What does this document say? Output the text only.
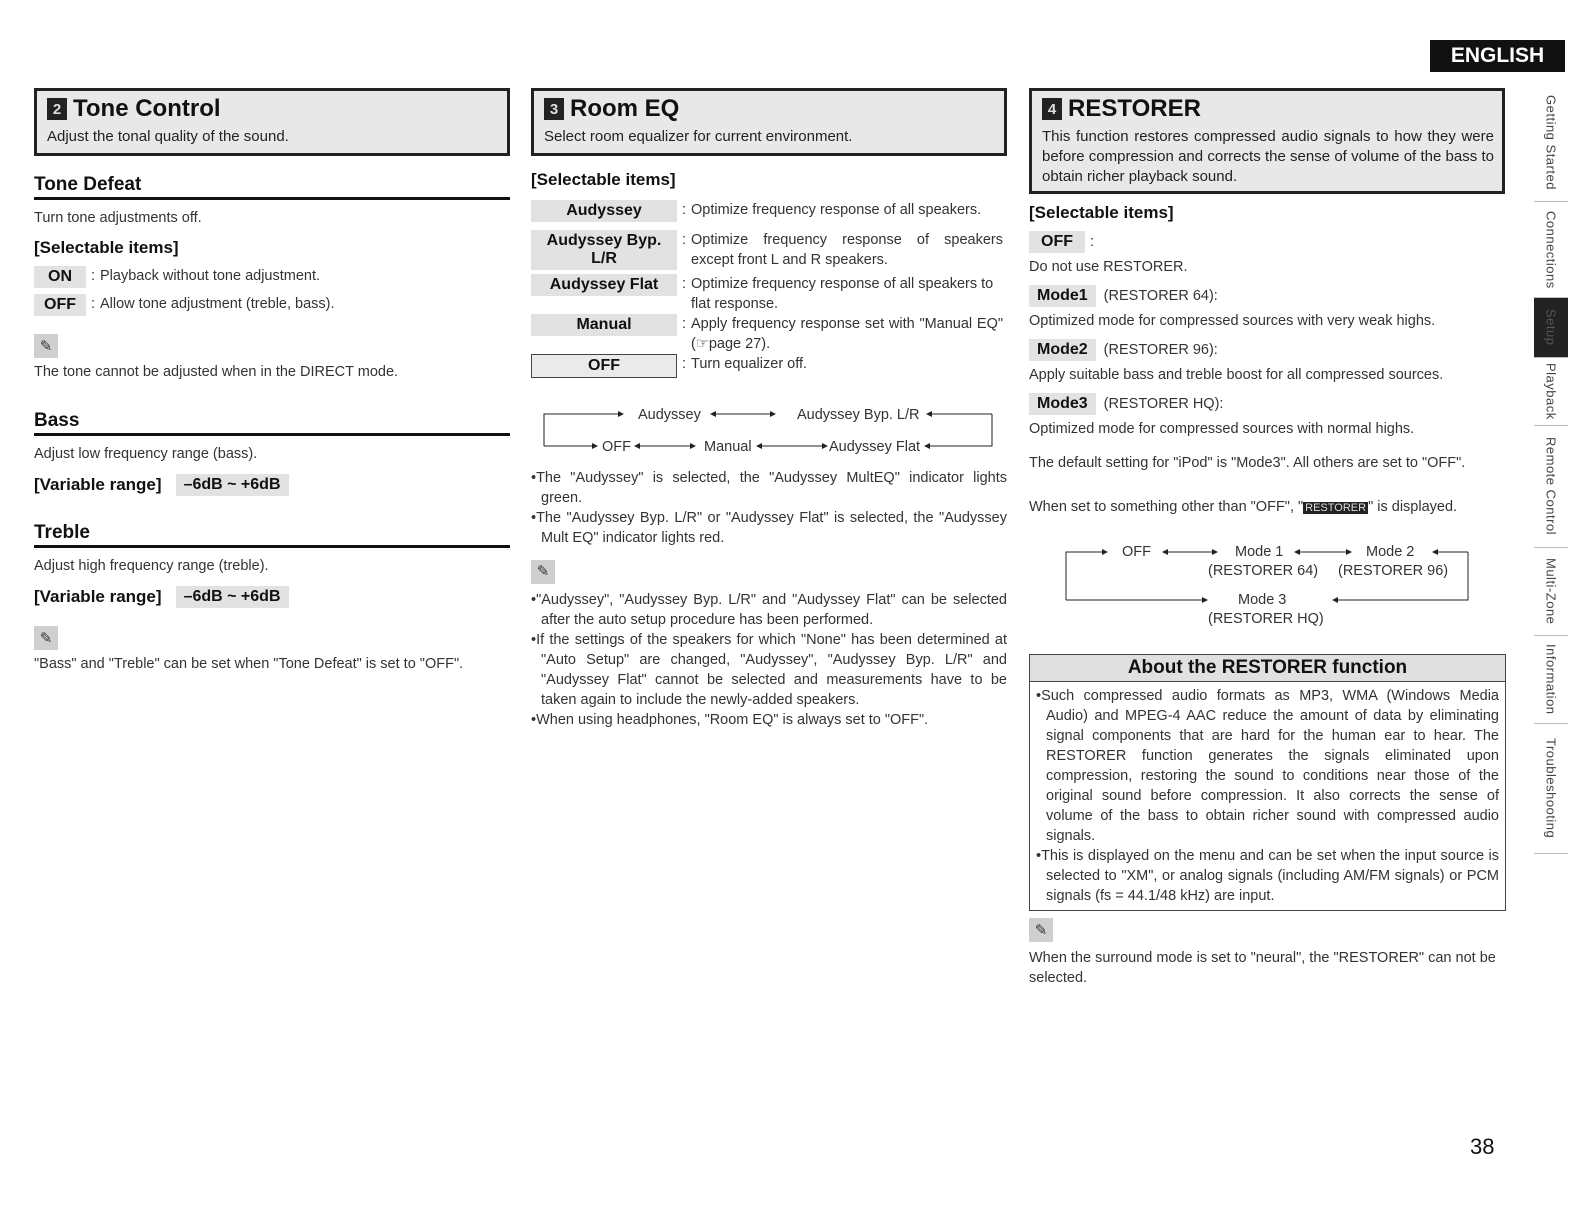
ENGLISH
Getting Started
Connections
Setup
Playback
Remote Control
Multi-Zone
Information
Troubleshooting
2 Tone Control
Adjust the tonal quality of the sound.
Tone Defeat
Turn tone adjustments off.
[Selectable items]
ON	: Playback without tone adjustment.
OFF	: Allow tone adjustment (treble, bass).
✎
The tone cannot be adjusted when in the DIRECT mode.
Bass
Adjust low frequency range (bass).
[Variable range]	–6dB ~ +6dB
Treble
Adjust high frequency range (treble).
[Variable range]	–6dB ~ +6dB
✎
"Bass" and "Treble" can be set when "Tone Defeat" is set to "OFF".
3 Room EQ
Select room equalizer for current environment.
[Selectable items]
Audyssey	: Optimize frequency response of all speakers.
Audyssey Byp. L/R
: Optimize frequency response of speakers except front L and R speakers.
Audyssey Flat	: Optimize frequency response of all speakers to flat response.
Manual	: Apply frequency response set with "Manual EQ" (☞page 27).
OFF	: Turn equalizer off.
Audyssey	Audyssey Byp. L/R
OFF	Manual	Audyssey Flat
•The "Audyssey" is selected, the "Audyssey MultEQ" indicator lights green.
•The "Audyssey Byp. L/R" or "Audyssey Flat" is selected, the "Audyssey Mult EQ" indicator lights red.
✎
•"Audyssey", "Audyssey Byp. L/R" and "Audyssey Flat" can be selected after the auto setup procedure has been performed.
•If the settings of the speakers for which "None" has been determined at "Auto Setup" are changed, "Audyssey", "Audyssey Byp. L/R" and "Audyssey Flat" cannot be selected and measurements have to be taken again to include the newly-added speakers.
•When using headphones, "Room EQ" is always set to "OFF".
4 RESTORER
This function restores compressed audio signals to how they were before compression and corrects the sense of volume of the bass to obtain richer playback sound.
[Selectable items]
OFF	:
Do not use RESTORER.
Mode1	(RESTORER 64):
Optimized mode for compressed sources with very weak highs.
Mode2	(RESTORER 96):
Apply suitable bass and treble boost for all compressed sources.
Mode3	(RESTORER HQ):
Optimized mode for compressed sources with normal highs.
The default setting for "iPod" is "Mode3". All others are set to "OFF".
When set to something other than "OFF", " RESTORER " is displayed.
OFF	Mode 1
(RESTORER 64)
Mode 2
(RESTORER 96)
Mode 3
(RESTORER HQ)
About the RESTORER function
•Such compressed audio formats as MP3, WMA (Windows Media Audio) and MPEG-4 AAC reduce the amount of data by eliminating signal components that are hard for the human ear to hear. The RESTORER function generates the signals eliminated upon compression, restoring the sound to conditions near those of the original sound before compression. It also corrects the sense of volume of the bass to obtain richer sound with compressed audio signals.
•This is displayed on the menu and can be set when the input source is selected to "XM", or analog signals (including AM/FM signals) or PCM signals (fs = 44.1/48 kHz) are input.
✎
When the surround mode is set to "neural", the "RESTORER" can not be selected.
38
